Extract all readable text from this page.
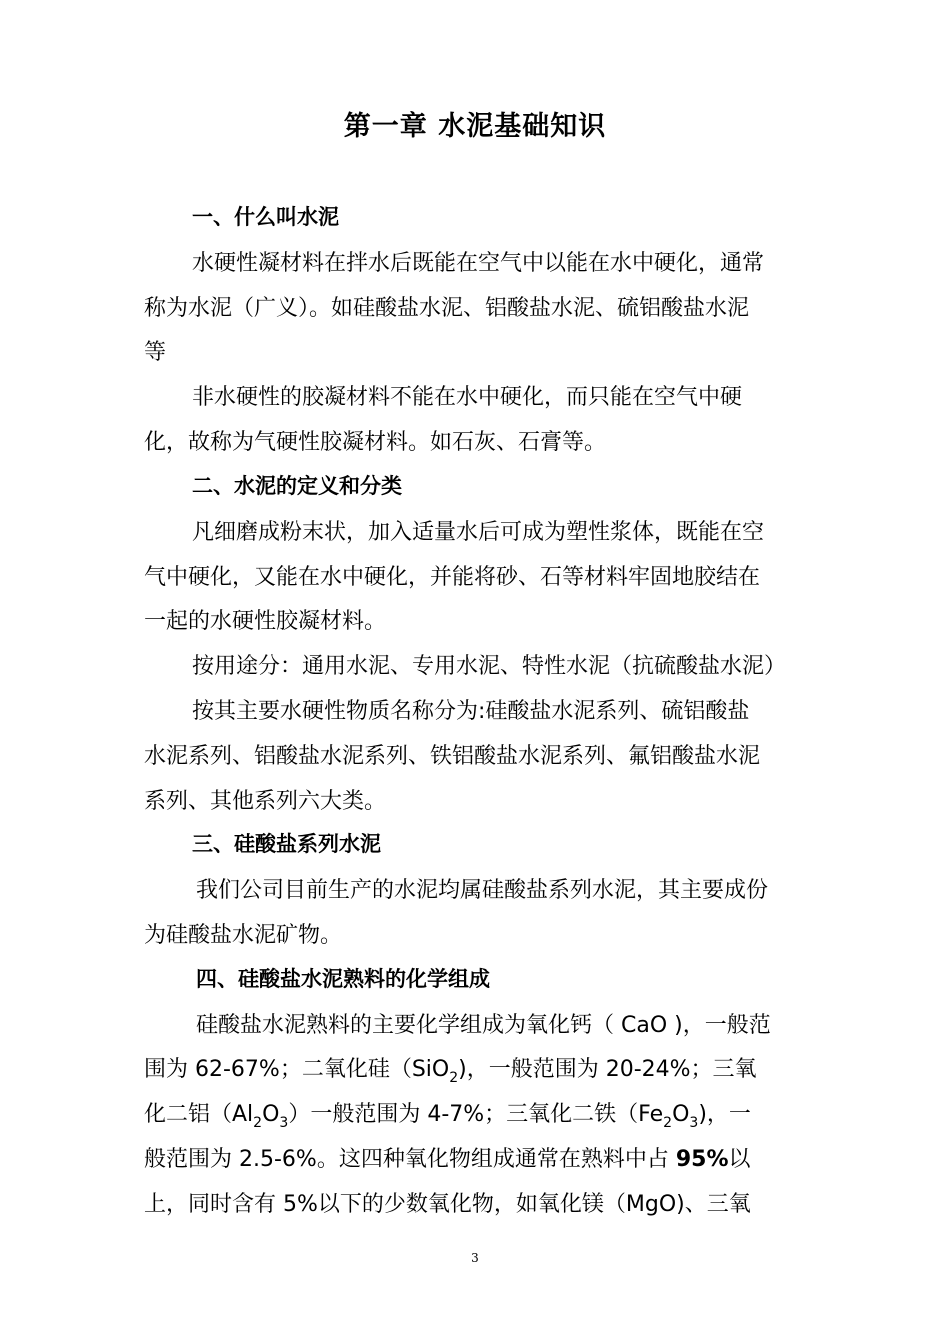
第一章 水泥基础知识
一、什么叫水泥
水硬性凝材料在拌水后既能在空气中以能在水中硬化，通常
称为水泥（广义）。如硅酸盐水泥、铝酸盐水泥、硫铝酸盐水泥
等
非水硬性的胶凝材料不能在水中硬化，而只能在空气中硬
化，故称为气硬性胶凝材料。如石灰、石膏等。
二、水泥的定义和分类
凡细磨成粉末状，加入适量水后可成为塑性浆体，既能在空
气中硬化，又能在水中硬化，并能将砂、石等材料牢固地胶结在
一起的水硬性胶凝材料。
按用途分：通用水泥、专用水泥、特性水泥（抗硫酸盐水泥）
按其主要水硬性物质名称分为:硅酸盐水泥系列、硫铝酸盐
水泥系列、铝酸盐水泥系列、铁铝酸盐水泥系列、氟铝酸盐水泥
系列、其他系列六大类。
三、硅酸盐系列水泥
我们公司目前生产的水泥均属硅酸盐系列水泥，其主要成份
为硅酸盐水泥矿物。
四、硅酸盐水泥熟料的化学组成
硅酸盐水泥熟料的主要化学组成为氧化钙（ CaO )，一般范
围为 62-67%；二氧化硅（SiO$_2$)，一般范围为 20-24%；三氧
化二铝$(Al_2O_3)$一般范围为 4-7%；三氧化二铁$(Fe_2O_3)$，一
般范围为 2.5-6%。这四种氧化物组成通常在熟料中占 95%以
上，同时含有 5%以下的少数氧化物，如氧化镁（MgO)、三氧
3
